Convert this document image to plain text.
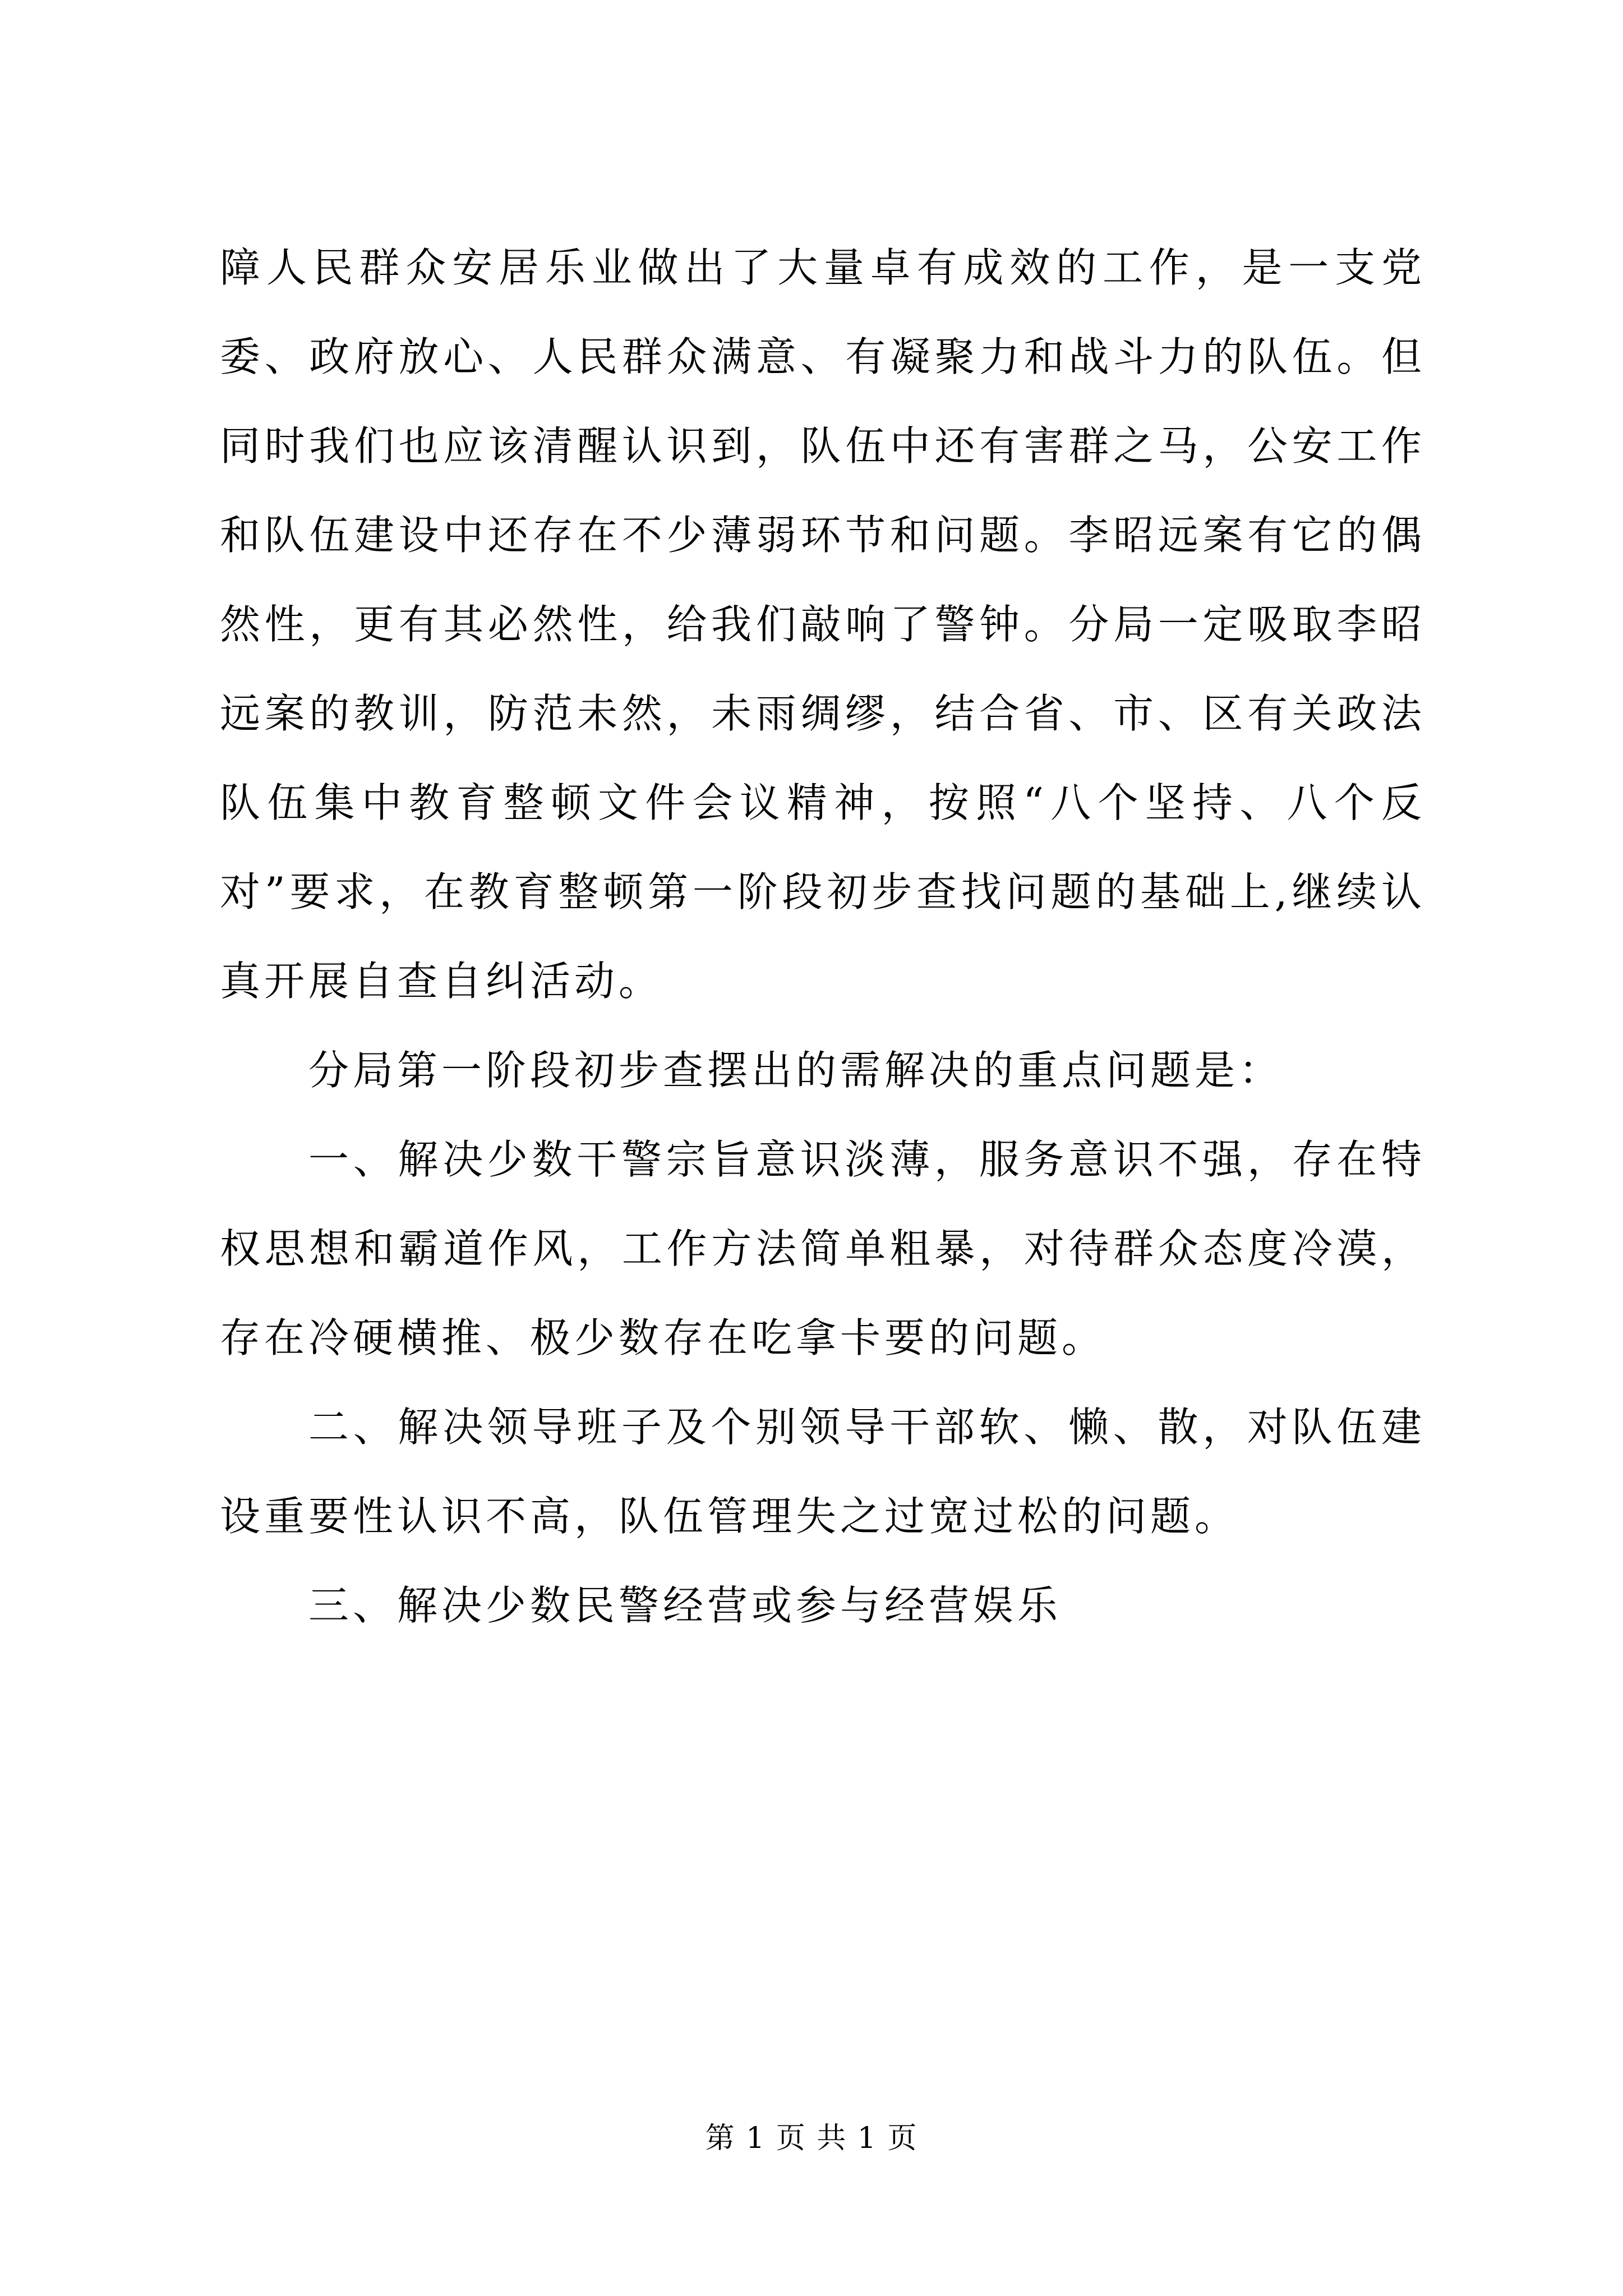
障人民群众安居乐业做出了大量卓有成效的工作，是一支党委、政府放心、人民群众满意、有凝聚力和战斗力的队伍。但同时我们也应该清醒认识到，队伍中还有害群之马，公安工作和队伍建设中还存在不少薄弱环节和问题。李昭远案有它的偶然性，更有其必然性，给我们敲响了警钟。分局一定吸取李昭远案的教训，防范未然，未雨绸缪，结合省、市、区有关政法队伍集中教育整顿文件会议精神，按照“八个坚持、八个反对”要求，在教育整顿第一阶段初步查找问题的基础上,继续认真开展自查自纠活动。

分局第一阶段初步查摆出的需解决的重点问题是：

一、解决少数干警宗旨意识淡薄，服务意识不强，存在特权思想和霸道作风，工作方法简单粗暴，对待群众态度冷漠，存在冷硬横推、极少数存在吃拿卡要的问题。

二、解决领导班子及个别领导干部软、懒、散，对队伍建设重要性认识不高，队伍管理失之过宽过松的问题。

三、解决少数民警经营或参与经营娱乐

第 1 页 共 1 页
